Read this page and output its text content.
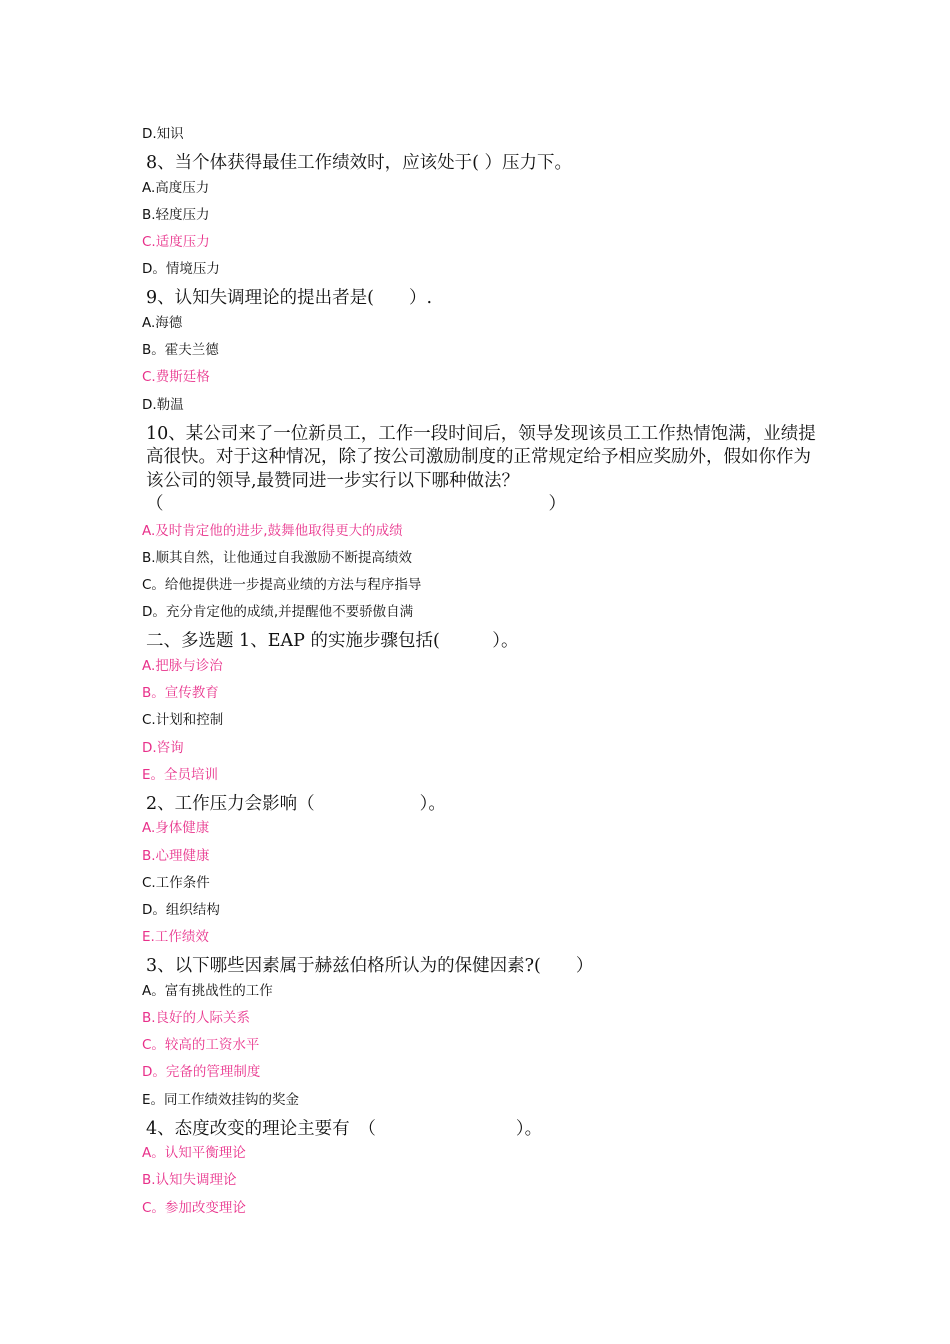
D.知识
8、当个体获得最佳工作绩效时，应该处于( ）压力下。
A.高度压力
B.轻度压力
C.适度压力
D。情境压力
9、认知失调理论的提出者是(　　）.
A.海德
B。霍夫兰德
C.费斯廷格
D.勒温
10、某公司来了一位新员工，工作一段时间后，领导发现该员工工作热情饱满，业绩提高很快。对于这种情况，除了按公司激励制度的正常规定给予相应奖励外，假如你作为该公司的领导,最赞同进一步实行以下哪种做法？（　　　　　　　　　　　　　　　　　　　　　　）
A.及时肯定他的进步,鼓舞他取得更大的成绩
B.顺其自然，让他通过自我激励不断提高绩效
C。给他提供进一步提高业绩的方法与程序指导
D。充分肯定他的成绩,并提醒他不要骄傲自满
二、多选题 1、EAP 的实施步骤包括(　　　）。
A.把脉与诊治
B。宣传教育
C.计划和控制
D.咨询
E。全员培训
2、工作压力会影响（　　　　　　）。
A.身体健康
B.心理健康
C.工作条件
D。组织结构
E.工作绩效
3、以下哪些因素属于赫兹伯格所认为的保健因素?(　　）
A。富有挑战性的工作
B.良好的人际关系
C。较高的工资水平
D。完备的管理制度
E。同工作绩效挂钩的奖金
4、态度改变的理论主要有　（　　　　　　　　）。
A。认知平衡理论
B.认知失调理论
C。参加改变理论
